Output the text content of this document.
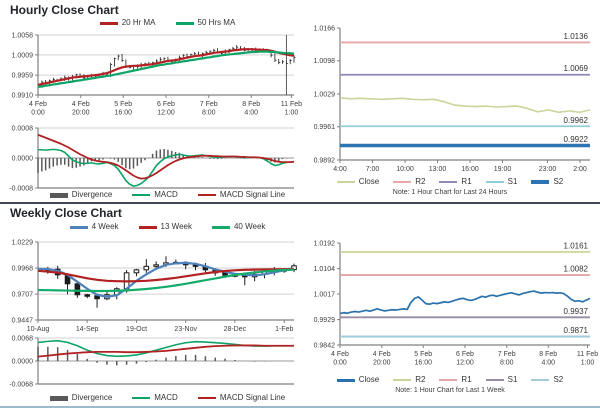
Hourly Close Chart
20 Hr MA	50 Hrs MA
1.0058
1.0009
0.9959
0.9910
4 Feb
0:00
4 Feb
20:00
5 Feb
16:00
6 Feb
12:00
7 Feb
8:00
8 Feb
4:00
11 Feb
1:00
0.0008
0.0000
-0.0008
Divergence	MACD	MACD Signal Line
1.0166
1.0098
1.0029
0.9961
0.9892
4:00	7:00 10:00 13:00 16:00 19:00	23:00 2:00
1.0136
1.0069
0.9962
0.9922
Close	R2	R1	S1	S2
Note: 1 Hour Chart for Last 24 Hours
Weekly Close Chart
4 Week	13 Week	40 Week
1.0229
0.9968
0.9707
0.9447
10-Aug	14-Sep	19-Oct	23-Nov	28-Dec	1-Feb
0.0068
0.0000
-0.0068
Divergence	MACD	MACD Signal Line
1.0192
1.0104
1.0017
0.9929
0.9842
4 Feb
0:00
4 Feb
20:00
5 Feb
16:00
6 Feb
12:00
7 Feb
8:00
8 Feb
4:00
11 Feb
1:00
1.0161
1.0082
0.9937
0.9871
Close	R2	R1	S1	S2
Note: 1 Hour Chart for Last 1 Week
